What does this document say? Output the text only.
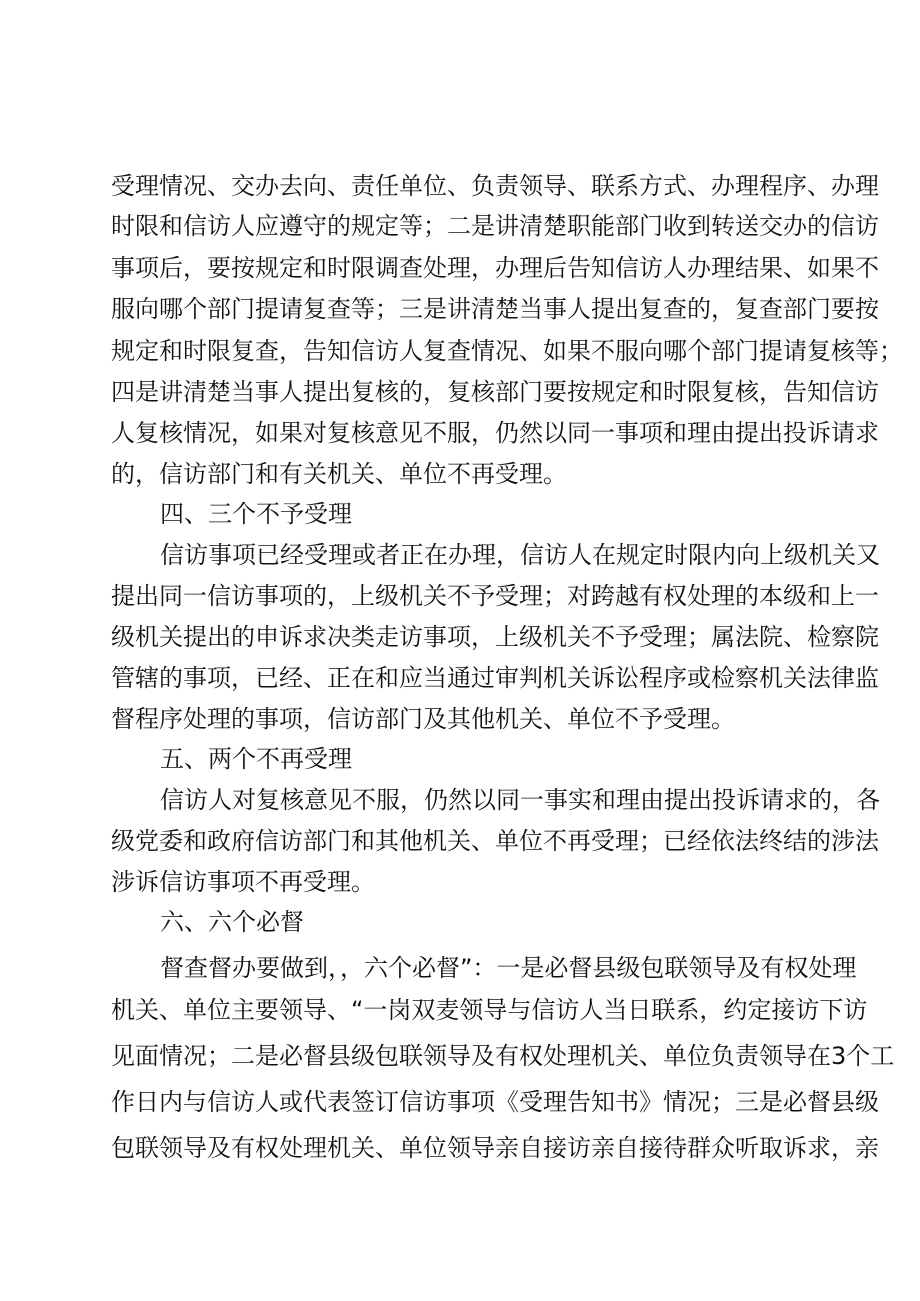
受理情况、交办去向、责任单位、负责领导、联系方式、办理程序、办理
时限和信访人应遵守的规定等；二是讲清楚职能部门收到转送交办的信访
事项后，要按规定和时限调查处理，办理后告知信访人办理结果、如果不
服向哪个部门提请复查等；三是讲清楚当事人提出复查的，复查部门要按
规定和时限复查，告知信访人复查情况、如果不服向哪个部门提请复核等；
四是讲清楚当事人提出复核的，复核部门要按规定和时限复核，告知信访
人复核情况，如果对复核意见不服，仍然以同一事项和理由提出投诉请求
的，信访部门和有关机关、单位不再受理。
四、三个不予受理
信访事项已经受理或者正在办理，信访人在规定时限内向上级机关又
提出同一信访事项的，上级机关不予受理；对跨越有权处理的本级和上一
级机关提出的申诉求决类走访事项，上级机关不予受理；属法院、检察院
管辖的事项，已经、正在和应当通过审判机关诉讼程序或检察机关法律监
督程序处理的事项，信访部门及其他机关、单位不予受理。
五、两个不再受理
信访人对复核意见不服，仍然以同一事实和理由提出投诉请求的，各
级党委和政府信访部门和其他机关、单位不再受理；已经依法终结的涉法
涉诉信访事项不再受理。
六、六个必督
督查督办要做到，，六个必督”：一是必督县级包联领导及有权处理
机关、单位主要领导、“一岗双麦领导与信访人当日联系，约定接访下访
见面情况；二是必督县级包联领导及有权处理机关、单位负责领导在3个工
作日内与信访人或代表签订信访事项《受理告知书》情况；三是必督县级
包联领导及有权处理机关、单位领导亲自接访亲自接待群众听取诉求，亲
